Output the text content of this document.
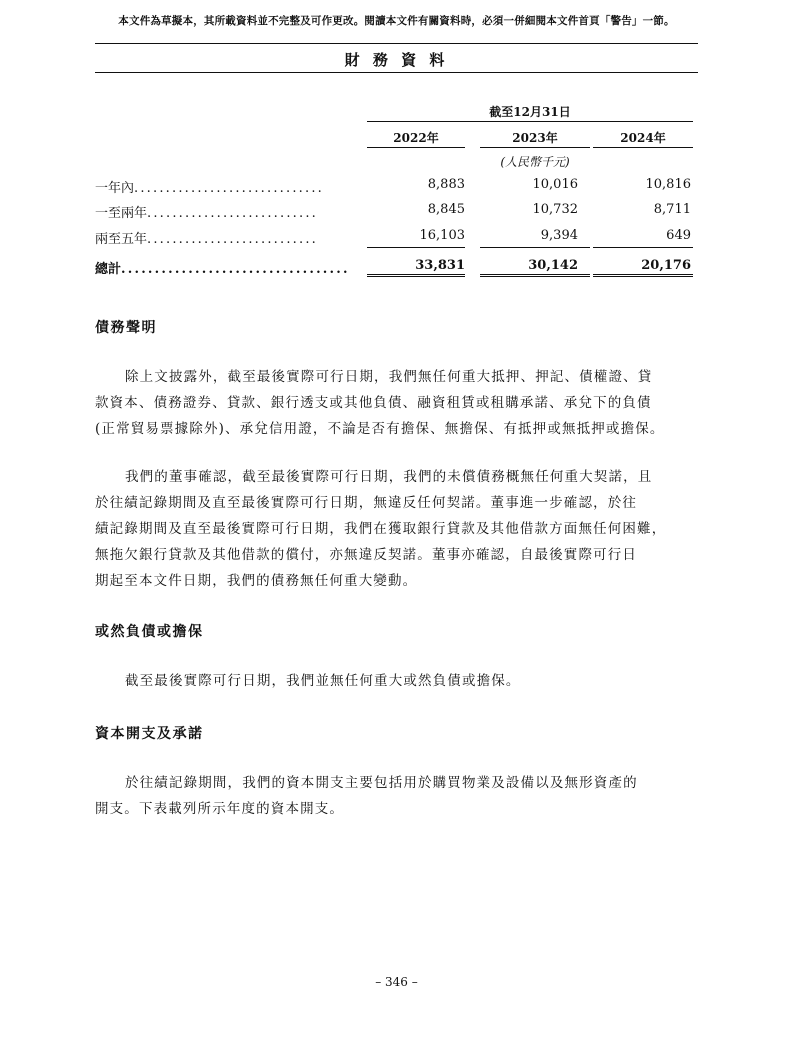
本文件為草擬本，其所載資料並不完整及可作更改。閱讀本文件有關資料時，必須一併細閱本文件首頁「警告」一節。
財 務 資 料
截至12月31日
2022年	2023年	2024年
(人民幣千元)
一年內..............................	8,883	10,016	10,816
一至兩年...........................	8,845	10,732	8,711
兩至五年...........................	16,103	9,394	649
總計..................................	33,831	30,142	20,176
債務聲明
除上文披露外，截至最後實際可行日期，我們無任何重大抵押、押記、債權證、貸
款資本、債務證券、貸款、銀行透支或其他負債、融資租賃或租購承諾、承兌下的負債
(正常貿易票據除外)、承兌信用證，不論是否有擔保、無擔保、有抵押或無抵押或擔保。
我們的董事確認，截至最後實際可行日期，我們的未償債務概無任何重大契諾，且
於往績記錄期間及直至最後實際可行日期，無違反任何契諾。董事進一步確認，於往
績記錄期間及直至最後實際可行日期，我們在獲取銀行貸款及其他借款方面無任何困難，
無拖欠銀行貸款及其他借款的償付，亦無違反契諾。董事亦確認，自最後實際可行日
期起至本文件日期，我們的債務無任何重大變動。
或然負債或擔保
截至最後實際可行日期，我們並無任何重大或然負債或擔保。
資本開支及承諾
於往績記錄期間，我們的資本開支主要包括用於購買物業及設備以及無形資產的
開支。下表載列所示年度的資本開支。
– 346 –
